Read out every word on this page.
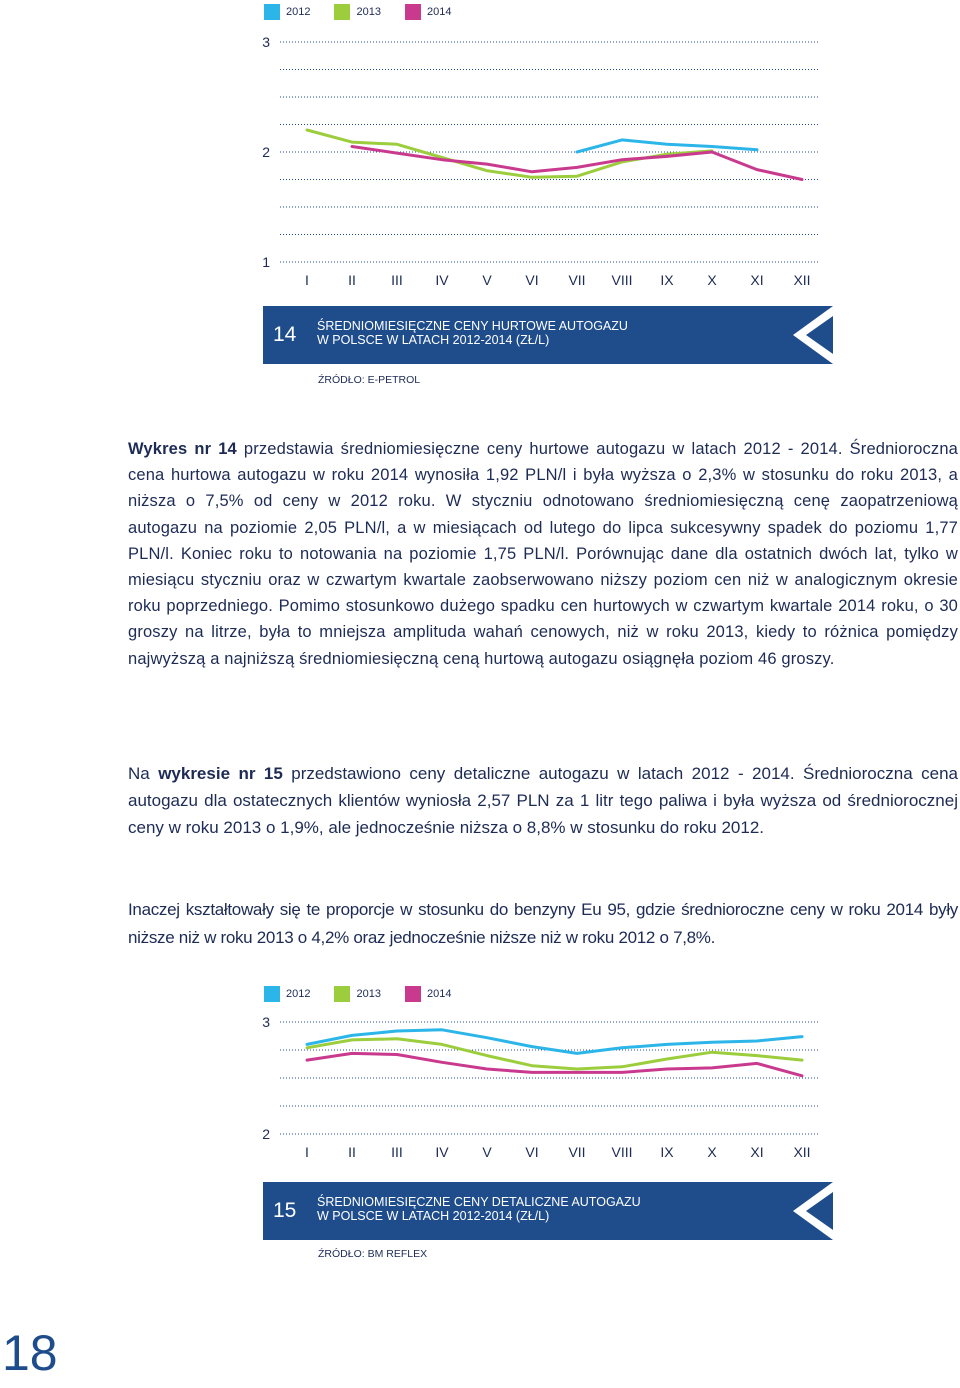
2012	2013	2014
1
2
3
I	II	III IV V VI VII VIII IX X XI XII
14 ŚREDNIOMIESIĘCZNE CENY HURTOWE AUTOGAZU
W POLSCE W LATACH 2012-2014 (ZŁ/L)
ŹRÓDŁO: E-PETROL

Wykres nr 14 przedstawia średniomiesięczne ceny hurtowe autogazu w latach 2012 - 2014. Średnioroczna cena hurtowa autogazu w roku 2014 wynosiła 1,92 PLN/l i była wyższa o 2,3% w stosunku do roku 2013, a niższa o 7,5% od ceny w 2012 roku. W styczniu odnotowano średniomiesięczną cenę zaopatrzeniową autogazu na poziomie 2,05 PLN/l, a w miesiącach od lutego do lipca sukcesywny spadek do poziomu 1,77 PLN/l. Koniec roku to notowania na poziomie 1,75 PLN/l. Porównując dane dla ostatnich dwóch lat, tylko w miesiącu styczniu oraz w czwartym kwartale zaobserwowano niższy poziom cen niż w analogicznym okresie roku poprzedniego. Pomimo stosunkowo dużego spadku cen hurtowych w czwartym kwartale 2014 roku, o 30 groszy na litrze, była to mniejsza amplituda wahań cenowych, niż w roku 2013, kiedy to różnica pomiędzy najwyższą a najniższą średniomiesięczną ceną hurtową autogazu osiągnęła poziom 46 groszy.

Na wykresie nr 15 przedstawiono ceny detaliczne autogazu w latach 2012 - 2014. Średnioroczna cena autogazu dla ostatecznych klientów wyniosła 2,57 PLN za 1 litr tego paliwa i była wyższa od średniorocznej ceny w roku 2013 o 1,9%, ale jednocześnie niższa o 8,8% w stosunku do roku 2012.

Inaczej kształtowały się te proporcje w stosunku do benzyny Eu 95, gdzie średnioroczne ceny w roku 2014 były niższe niż w roku 2013 o 4,2% oraz jednocześnie niższe niż w roku 2012 o 7,8%.

2012	2013	2014
2
3
I	II	III IV V VI VII VIII IX X XI XII
15 ŚREDNIOMIESIĘCZNE CENY DETALICZNE AUTOGAZU
W POLSCE W LATACH 2012-2014 (ZŁ/L)
ŹRÓDŁO: BM REFLEX
18
